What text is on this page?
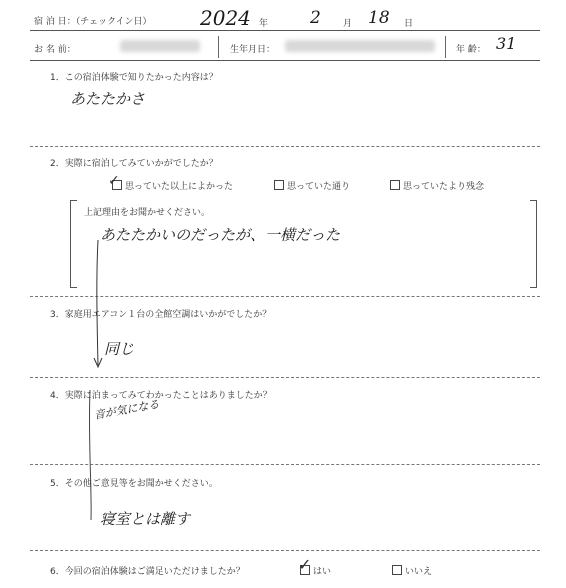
宿 泊 日：（チェックイン日） 2024 年 2 月 18 日
お 名 前：	生年月日：	年 齢： 31
1．この宿泊体験で知りたかった内容は？
あたたかさ
2．実際に宿泊してみていかがでしたか？
✓ 思っていた以上によかった	思っていた通り	思っていたより残念
上記理由をお聞かせください。
あたたかいのだったが、一横だった
3．家庭用エアコン１台の全館空調はいかがでしたか？
同じ
4．実際に泊まってみてわかったことはありましたか？
音が気になる
5．その他ご意見等をお聞かせください。
寝室とは離す
6．今回の宿泊体験はご満足いただけましたか？	✓ はい	いいえ
